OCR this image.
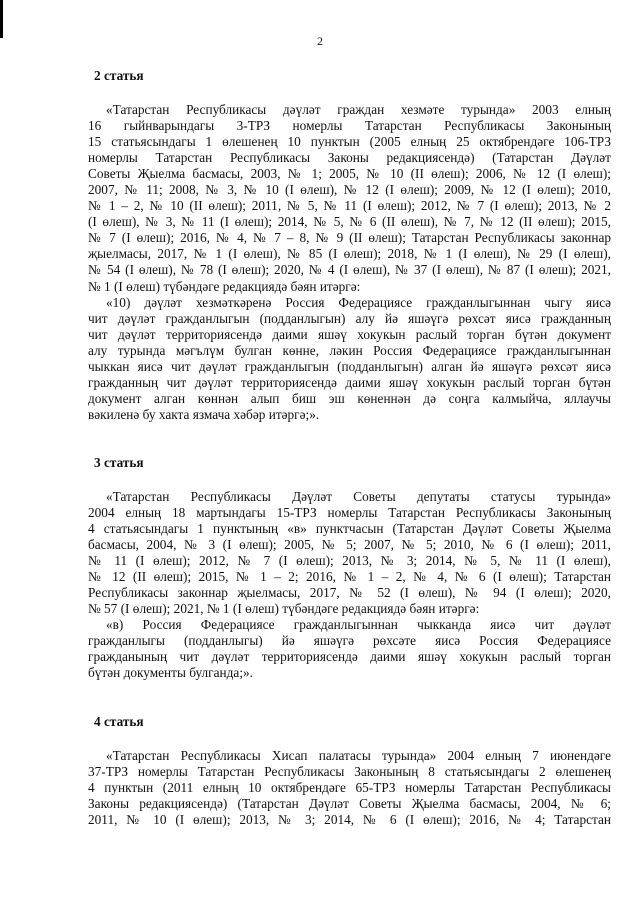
2
2 статья
«Татарстан Республикасы дәүләт граждан хезмәте турында» 2003 елның
16 гыйнварындагы 3-ТРЗ номерлы Татарстан Республикасы Законының
15 статьясындагы 1 өлешенең 10 пунктын (2005 елның 25 октябрендәге 106-ТРЗ
номерлы Татарстан Республикасы Законы редакциясендә) (Татарстан Дәүләт
Советы Җыелма басмасы, 2003, № 1; 2005, № 10 (II өлеш); 2006, № 12 (I өлеш);
2007, № 11; 2008, № 3, № 10 (I өлеш), № 12 (I өлеш); 2009, № 12 (I өлеш); 2010,
№ 1 – 2, № 10 (II өлеш); 2011, № 5, № 11 (I өлеш); 2012, № 7 (I өлеш); 2013, № 2
(I өлеш), № 3, № 11 (I өлеш); 2014, № 5, № 6 (II өлеш), № 7, № 12 (II өлеш); 2015,
№ 7 (I өлеш); 2016, № 4, № 7 – 8, № 9 (II өлеш); Татарстан Республикасы законнар
җыелмасы, 2017, № 1 (I өлеш), № 85 (I өлеш); 2018, № 1 (I өлеш), № 29 (I өлеш),
№ 54 (I өлеш), № 78 (I өлеш); 2020, № 4 (I өлеш), № 37 (I өлеш), № 87 (I өлеш); 2021,
№ 1 (I өлеш) түбәндәге редакциядә бәян итәргә:
«10) дәүләт хезмәткәренә Россия Федерациясе гражданлыгыннан чыгу яисә
чит дәүләт гражданлыгын (подданлыгын) алу йә яшәүгә рөхсәт яисә гражданның
чит дәүләт территориясендә даими яшәү хокукын раслый торган бүтән документ
алу турында мәгълүм булган көнне, ләкин Россия Федерациясе гражданлыгыннан
чыккан яисә чит дәүләт гражданлыгын (подданлыгын) алган йә яшәүгә рөхсәт яисә
гражданның чит дәүләт территориясендә даими яшәү хокукын раслый торган бүтән
документ алган көннән алып биш эш көненнән дә соңга калмыйча, яллаучы
вәкиленә бу хакта язмача хәбәр итәргә;».
3 статья
«Татарстан Республикасы Дәүләт Советы депутаты статусы турында»
2004 елның 18 мартындагы 15-ТРЗ номерлы Татарстан Республикасы Законының
4 статьясындагы 1 пунктының «в» пунктчасын (Татарстан Дәүләт Советы Җыелма
басмасы, 2004, № 3 (I өлеш); 2005, № 5; 2007, № 5; 2010, № 6 (I өлеш); 2011,
№ 11 (I өлеш); 2012, № 7 (I өлеш); 2013, № 3; 2014, № 5, № 11 (I өлеш),
№ 12 (II өлеш); 2015, № 1 – 2; 2016, № 1 – 2, № 4, № 6 (I өлеш); Татарстан
Республикасы законнар җыелмасы, 2017, № 52 (I өлеш), № 94 (I өлеш); 2020,
№ 57 (I өлеш); 2021, № 1 (I өлеш) түбәндәге редакциядә бәян итәргә:
«в) Россия Федерациясе гражданлыгыннан чыкканда яисә чит дәүләт
гражданлыгы (подданлыгы) йә яшәүгә рөхсәте яисә Россия Федерациясе
гражданының чит дәүләт территориясендә даими яшәү хокукын раслый торган
бүтән документы булганда;».
4 статья
«Татарстан Республикасы Хисап палатасы турында» 2004 елның 7 июнендәге
37-ТРЗ номерлы Татарстан Республикасы Законының 8 статьясындагы 2 өлешенең
4 пунктын (2011 елның 10 октябрендәге 65-ТРЗ номерлы Татарстан Республикасы
Законы редакциясендә) (Татарстан Дәүләт Советы Җыелма басмасы, 2004, № 6;
2011, № 10 (I өлеш); 2013, № 3; 2014, № 6 (I өлеш); 2016, № 4; Татарстан
